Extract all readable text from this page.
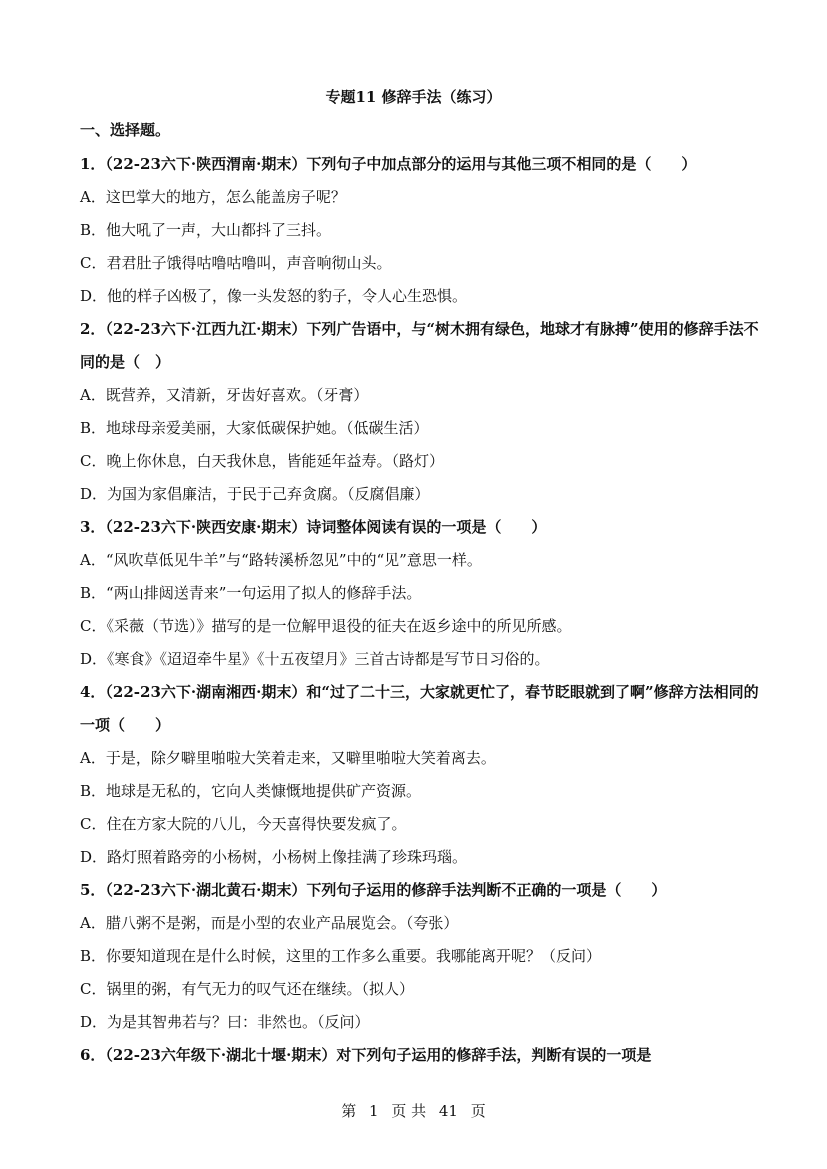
专题11 修辞手法（练习）
一、选择题。

1．（22-23六下·陕西渭南·期末）下列句子中加点部分的运用与其他三项不相同的是（　　）

A．这巴掌大的地方，怎么能盖房子呢？

B．他大吼了一声，大山都抖了三抖。

C．君君肚子饿得咕噜咕噜叫，声音响彻山头。

D．他的样子凶极了，像一头发怒的豹子，令人心生恐惧。

2．（22-23六下·江西九江·期末）下列广告语中，与“树木拥有绿色，地球才有脉搏”使用的修辞手法不同的是（　）

A．既营养，又清新，牙齿好喜欢。（牙膏）

B．地球母亲爱美丽，大家低碳保护她。（低碳生活）

C．晚上你休息，白天我休息，皆能延年益寿。（路灯）

D．为国为家倡廉洁，于民于己弃贪腐。（反腐倡廉）

3．（22-23六下·陕西安康·期末）诗词整体阅读有误的一项是（　　）

A．“风吹草低见牛羊”与“路转溪桥忽见”中的“见”意思一样。

B．“两山排闼送青来”一句运用了拟人的修辞手法。

C．《采薇（节选）》描写的是一位解甲退役的征夫在返乡途中的所见所感。

D．《寒食》《迢迢牵牛星》《十五夜望月》三首古诗都是写节日习俗的。

4．（22-23六下·湖南湘西·期末）和“过了二十三，大家就更忙了，春节眨眼就到了啊”修辞方法相同的一项（　　）

A．于是，除夕噼里啪啦大笑着走来，又噼里啪啦大笑着离去。

B．地球是无私的，它向人类慷慨地提供矿产资源。

C．住在方家大院的八儿，今天喜得快要发疯了。

D．路灯照着路旁的小杨树，小杨树上像挂满了珍珠玛瑙。

5．（22-23六下·湖北黄石·期末）下列句子运用的修辞手法判断不正确的一项是（　　）

A．腊八粥不是粥，而是小型的农业产品展览会。（夸张）

B．你要知道现在是什么时候，这里的工作多么重要。我哪能离开呢？（反问）

C．锅里的粥，有气无力的叹气还在继续。（拟人）

D．为是其智弗若与？曰：非然也。（反问）

6．（22-23六年级下·湖北十堰·期末）对下列句子运用的修辞手法，判断有误的一项是

第 1 页 共 41 页
